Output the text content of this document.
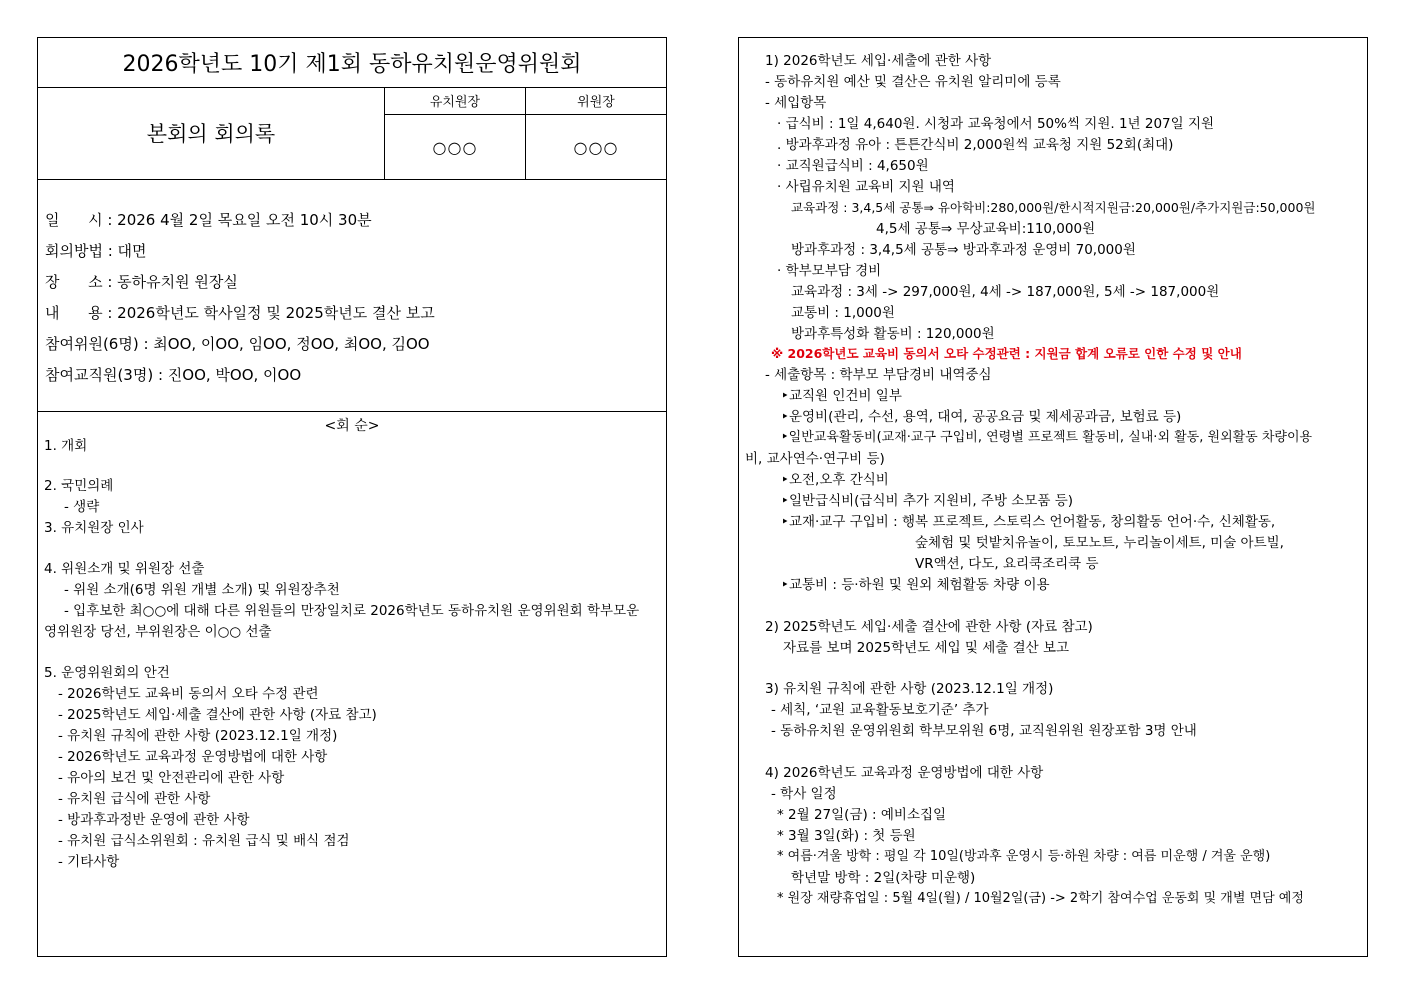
2026학년도 10기 제1회 동하유치원운영위원회
본회의 회의록
유치원장
○○○
위원장
○○○
일      시 : 2026 4월 2일 목요일 오전 10시 30분
회의방법 : 대면
장      소 : 동하유치원 원장실
내      용 : 2026학년도 학사일정 및 2025학년도 결산 보고
참여위원(6명) : 최OO, 이OO, 임OO, 정OO, 최OO, 김OO
참여교직원(3명) : 진OO, 박OO, 이OO
<회 순>
1. 개회
2. 국민의례
- 생략
3. 유치원장 인사
4. 위원소개 및 위원장 선출
- 위원 소개(6명 위원 개별 소개) 및 위원장추천
- 입후보한 최○○에 대해 다른 위원들의 만장일치로 2026학년도 동하유치원 운영위원회 학부모운
영위원장 당선, 부위원장은 이○○ 선출
5. 운영위원회의 안건
- 2026학년도 교육비 동의서 오타 수정 관련
- 2025학년도 세입·세출 결산에 관한 사항 (자료 참고)
- 유치원 규칙에 관한 사항 (2023.12.1일 개정)
- 2026학년도 교육과정 운영방법에 대한 사항
- 유아의 보건 및 안전관리에 관한 사항
- 유치원 급식에 관한 사항
- 방과후과정반 운영에 관한 사항
- 유치원 급식소위원회 : 유치원 급식 및 배식 점검
- 기타사항
1) 2026학년도 세입·세출에 관한 사항
- 동하유치원 예산 및 결산은 유치원 알리미에 등록
- 세입항목
· 급식비 : 1일 4,640원. 시청과 교육청에서 50%씩 지원. 1년 207일 지원
. 방과후과정 유아 : 튼튼간식비 2,000원씩 교육청 지원 52회(최대)
· 교직원급식비 : 4,650원
· 사립유치원 교육비 지원 내역
교육과정 : 3,4,5세 공통⇒ 유아학비:280,000원/한시적지원금:20,000원/추가지원금:50,000원
4,5세 공통⇒ 무상교육비:110,000원
방과후과정 : 3,4,5세 공통⇒ 방과후과정 운영비 70,000원
· 학부모부담 경비
교육과정 : 3세 -> 297,000원, 4세 -> 187,000원, 5세 -> 187,000원
교통비 : 1,000원
방과후특성화 활동비 : 120,000원
※ 2026학년도 교육비 동의서 오타 수정관련 : 지원금 합계 오류로 인한 수정 및 안내
- 세출항목 : 학부모 부담경비 내역중심
‣교직원 인건비 일부
‣운영비(관리, 수선, 용역, 대여, 공공요금 및 제세공과금, 보험료 등)
‣일반교육활동비(교재·교구 구입비, 연령별 프로젝트 활동비, 실내·외 활동, 원외활동 차량이용
비, 교사연수·연구비 등)
‣오전,오후 간식비
‣일반급식비(급식비 추가 지원비, 주방 소모품 등)
‣교재·교구 구입비 : 행복 프로젝트, 스토릭스 언어활동, 창의활동 언어·수, 신체활동,
숲체험 및 텃밭치유놀이, 토모노트, 누리놀이세트, 미술 아트빌,
VR액션, 다도, 요리쿡조리쿡 등
‣교통비 : 등·하원 및 원외 체험활동 차량 이용
2) 2025학년도 세입·세출 결산에 관한 사항 (자료 참고)
자료를 보며 2025학년도 세입 및 세출 결산 보고
3) 유치원 규칙에 관한 사항 (2023.12.1일 개정)
- 세칙, ‘교원 교육활동보호기준’ 추가
- 동하유치원 운영위원회 학부모위원 6명, 교직원위원 원장포함 3명 안내
4) 2026학년도 교육과정 운영방법에 대한 사항
- 학사 일정
* 2월 27일(금) : 예비소집일
* 3월 3일(화) : 첫 등원
* 여름·겨울 방학 : 평일 각 10일(방과후 운영시 등·하원 차량 : 여름 미운행 / 겨울 운행)
학년말 방학 : 2일(차량 미운행)
* 원장 재량휴업일 : 5월 4일(월) / 10월2일(금) -> 2학기 참여수업 운동회 및 개별 면담 예정
